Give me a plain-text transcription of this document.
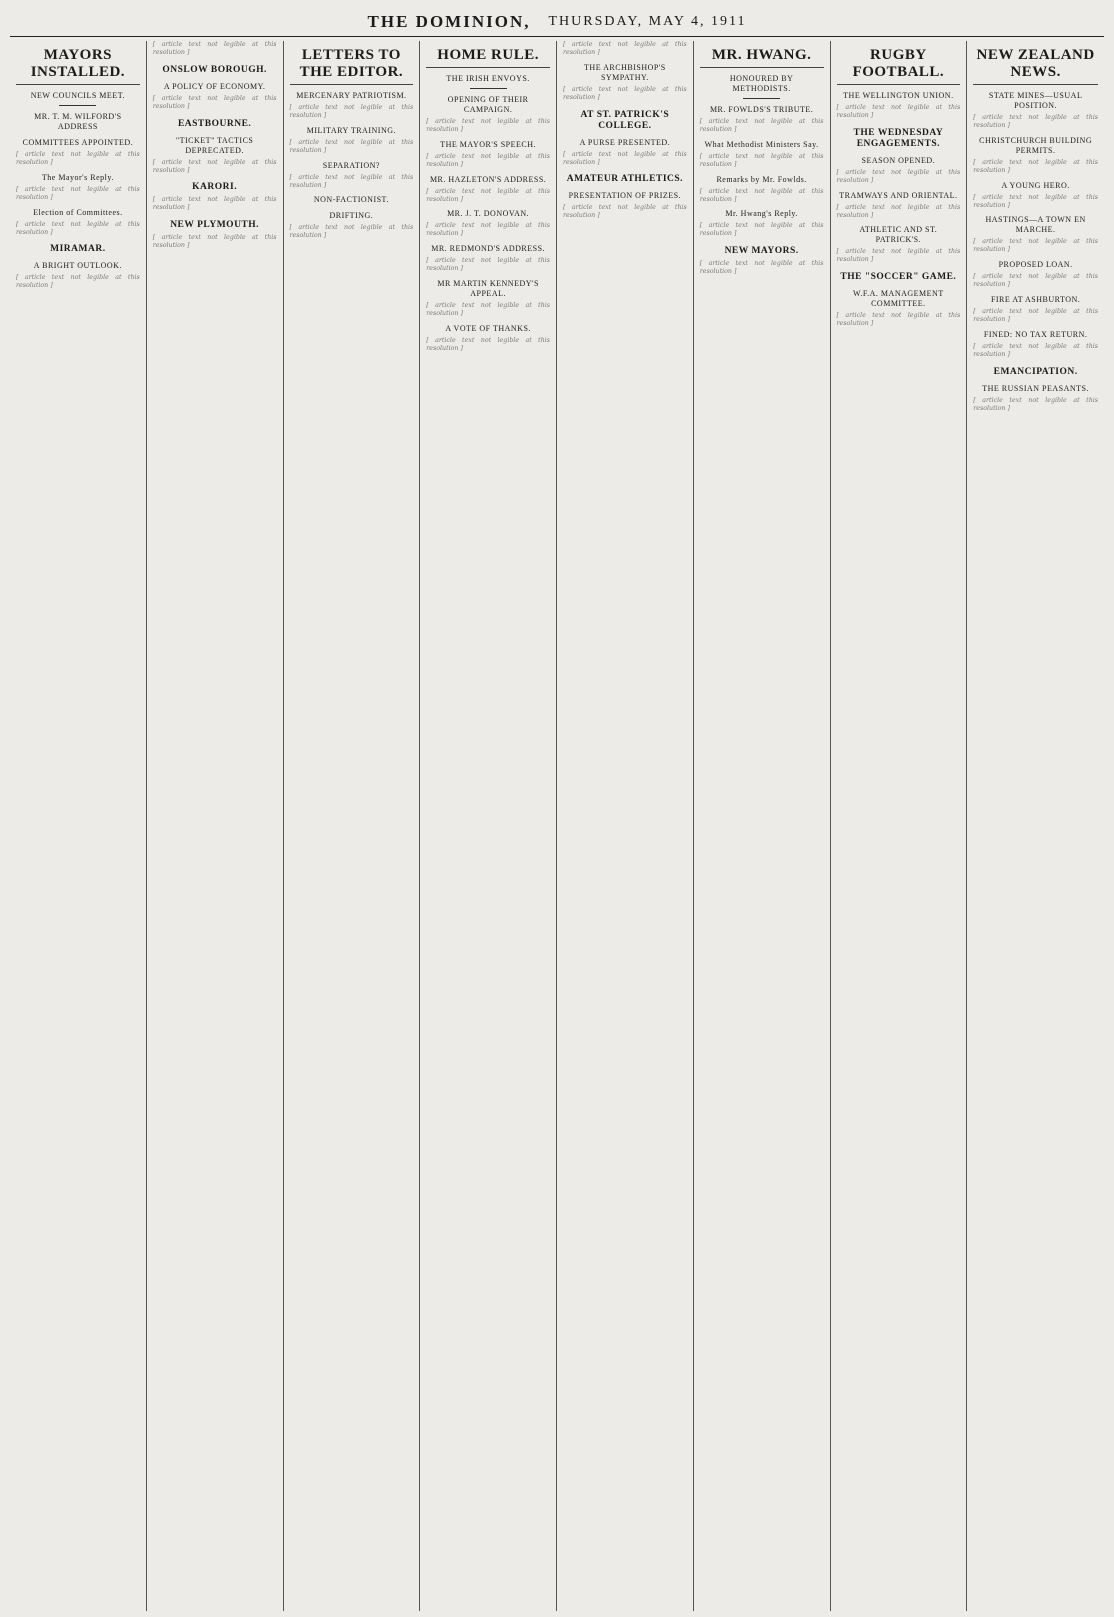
THE DOMINION, THURSDAY, MAY 4, 1911
MAYORS INSTALLED.
NEW COUNCILS MEET.
MR. T. M. WILFORD'S ADDRESS
COMMITTEES APPOINTED.
[ article text not legible at this resolution ]
The Mayor's Reply.
[ article text not legible at this resolution ]
Election of Committees.
[ article text not legible at this resolution ]
MIRAMAR.
A BRIGHT OUTLOOK.
[ article text not legible at this resolution ]
[ article text not legible at this resolution ]
ONSLOW BOROUGH.
A POLICY OF ECONOMY.
[ article text not legible at this resolution ]
EASTBOURNE.
"TICKET" TACTICS DEPRECATED.
[ article text not legible at this resolution ]
KARORI.
[ article text not legible at this resolution ]
NEW PLYMOUTH.
[ article text not legible at this resolution ]
LETTERS TO THE EDITOR.
MERCENARY PATRIOTISM.
[ article text not legible at this resolution ]
MILITARY TRAINING.
[ article text not legible at this resolution ]
SEPARATION?
[ article text not legible at this resolution ]
NON-FACTIONIST.
DRIFTING.
[ article text not legible at this resolution ]
HOME RULE.
THE IRISH ENVOYS.
OPENING OF THEIR CAMPAIGN.
[ article text not legible at this resolution ]
THE MAYOR'S SPEECH.
[ article text not legible at this resolution ]
MR. HAZLETON'S ADDRESS.
[ article text not legible at this resolution ]
MR. J. T. DONOVAN.
[ article text not legible at this resolution ]
MR. REDMOND'S ADDRESS.
[ article text not legible at this resolution ]
MR MARTIN KENNEDY'S APPEAL.
[ article text not legible at this resolution ]
A VOTE OF THANKS.
[ article text not legible at this resolution ]
[ article text not legible at this resolution ]
THE ARCHBISHOP'S SYMPATHY.
[ article text not legible at this resolution ]
AT ST. PATRICK'S COLLEGE.
A PURSE PRESENTED.
[ article text not legible at this resolution ]
AMATEUR ATHLETICS.
PRESENTATION OF PRIZES.
[ article text not legible at this resolution ]
MR. HWANG.
HONOURED BY METHODISTS.
MR. FOWLDS'S TRIBUTE.
[ article text not legible at this resolution ]
What Methodist Ministers Say.
[ article text not legible at this resolution ]
Remarks by Mr. Fowlds.
[ article text not legible at this resolution ]
Mr. Hwang's Reply.
[ article text not legible at this resolution ]
NEW MAYORS.
[ article text not legible at this resolution ]
RUGBY FOOTBALL.
THE WELLINGTON UNION.
[ article text not legible at this resolution ]
THE WEDNESDAY ENGAGEMENTS.
SEASON OPENED.
[ article text not legible at this resolution ]
TRAMWAYS AND ORIENTAL.
[ article text not legible at this resolution ]
ATHLETIC AND ST. PATRICK'S.
[ article text not legible at this resolution ]
THE "SOCCER" GAME.
W.F.A. MANAGEMENT COMMITTEE.
[ article text not legible at this resolution ]
NEW ZEALAND NEWS.
STATE MINES—USUAL POSITION.
[ article text not legible at this resolution ]
CHRISTCHURCH BUILDING PERMITS.
[ article text not legible at this resolution ]
A YOUNG HERO.
[ article text not legible at this resolution ]
HASTINGS—A TOWN EN MARCHE.
[ article text not legible at this resolution ]
PROPOSED LOAN.
[ article text not legible at this resolution ]
FIRE AT ASHBURTON.
[ article text not legible at this resolution ]
FINED: NO TAX RETURN.
[ article text not legible at this resolution ]
EMANCIPATION.
THE RUSSIAN PEASANTS.
[ article text not legible at this resolution ]
